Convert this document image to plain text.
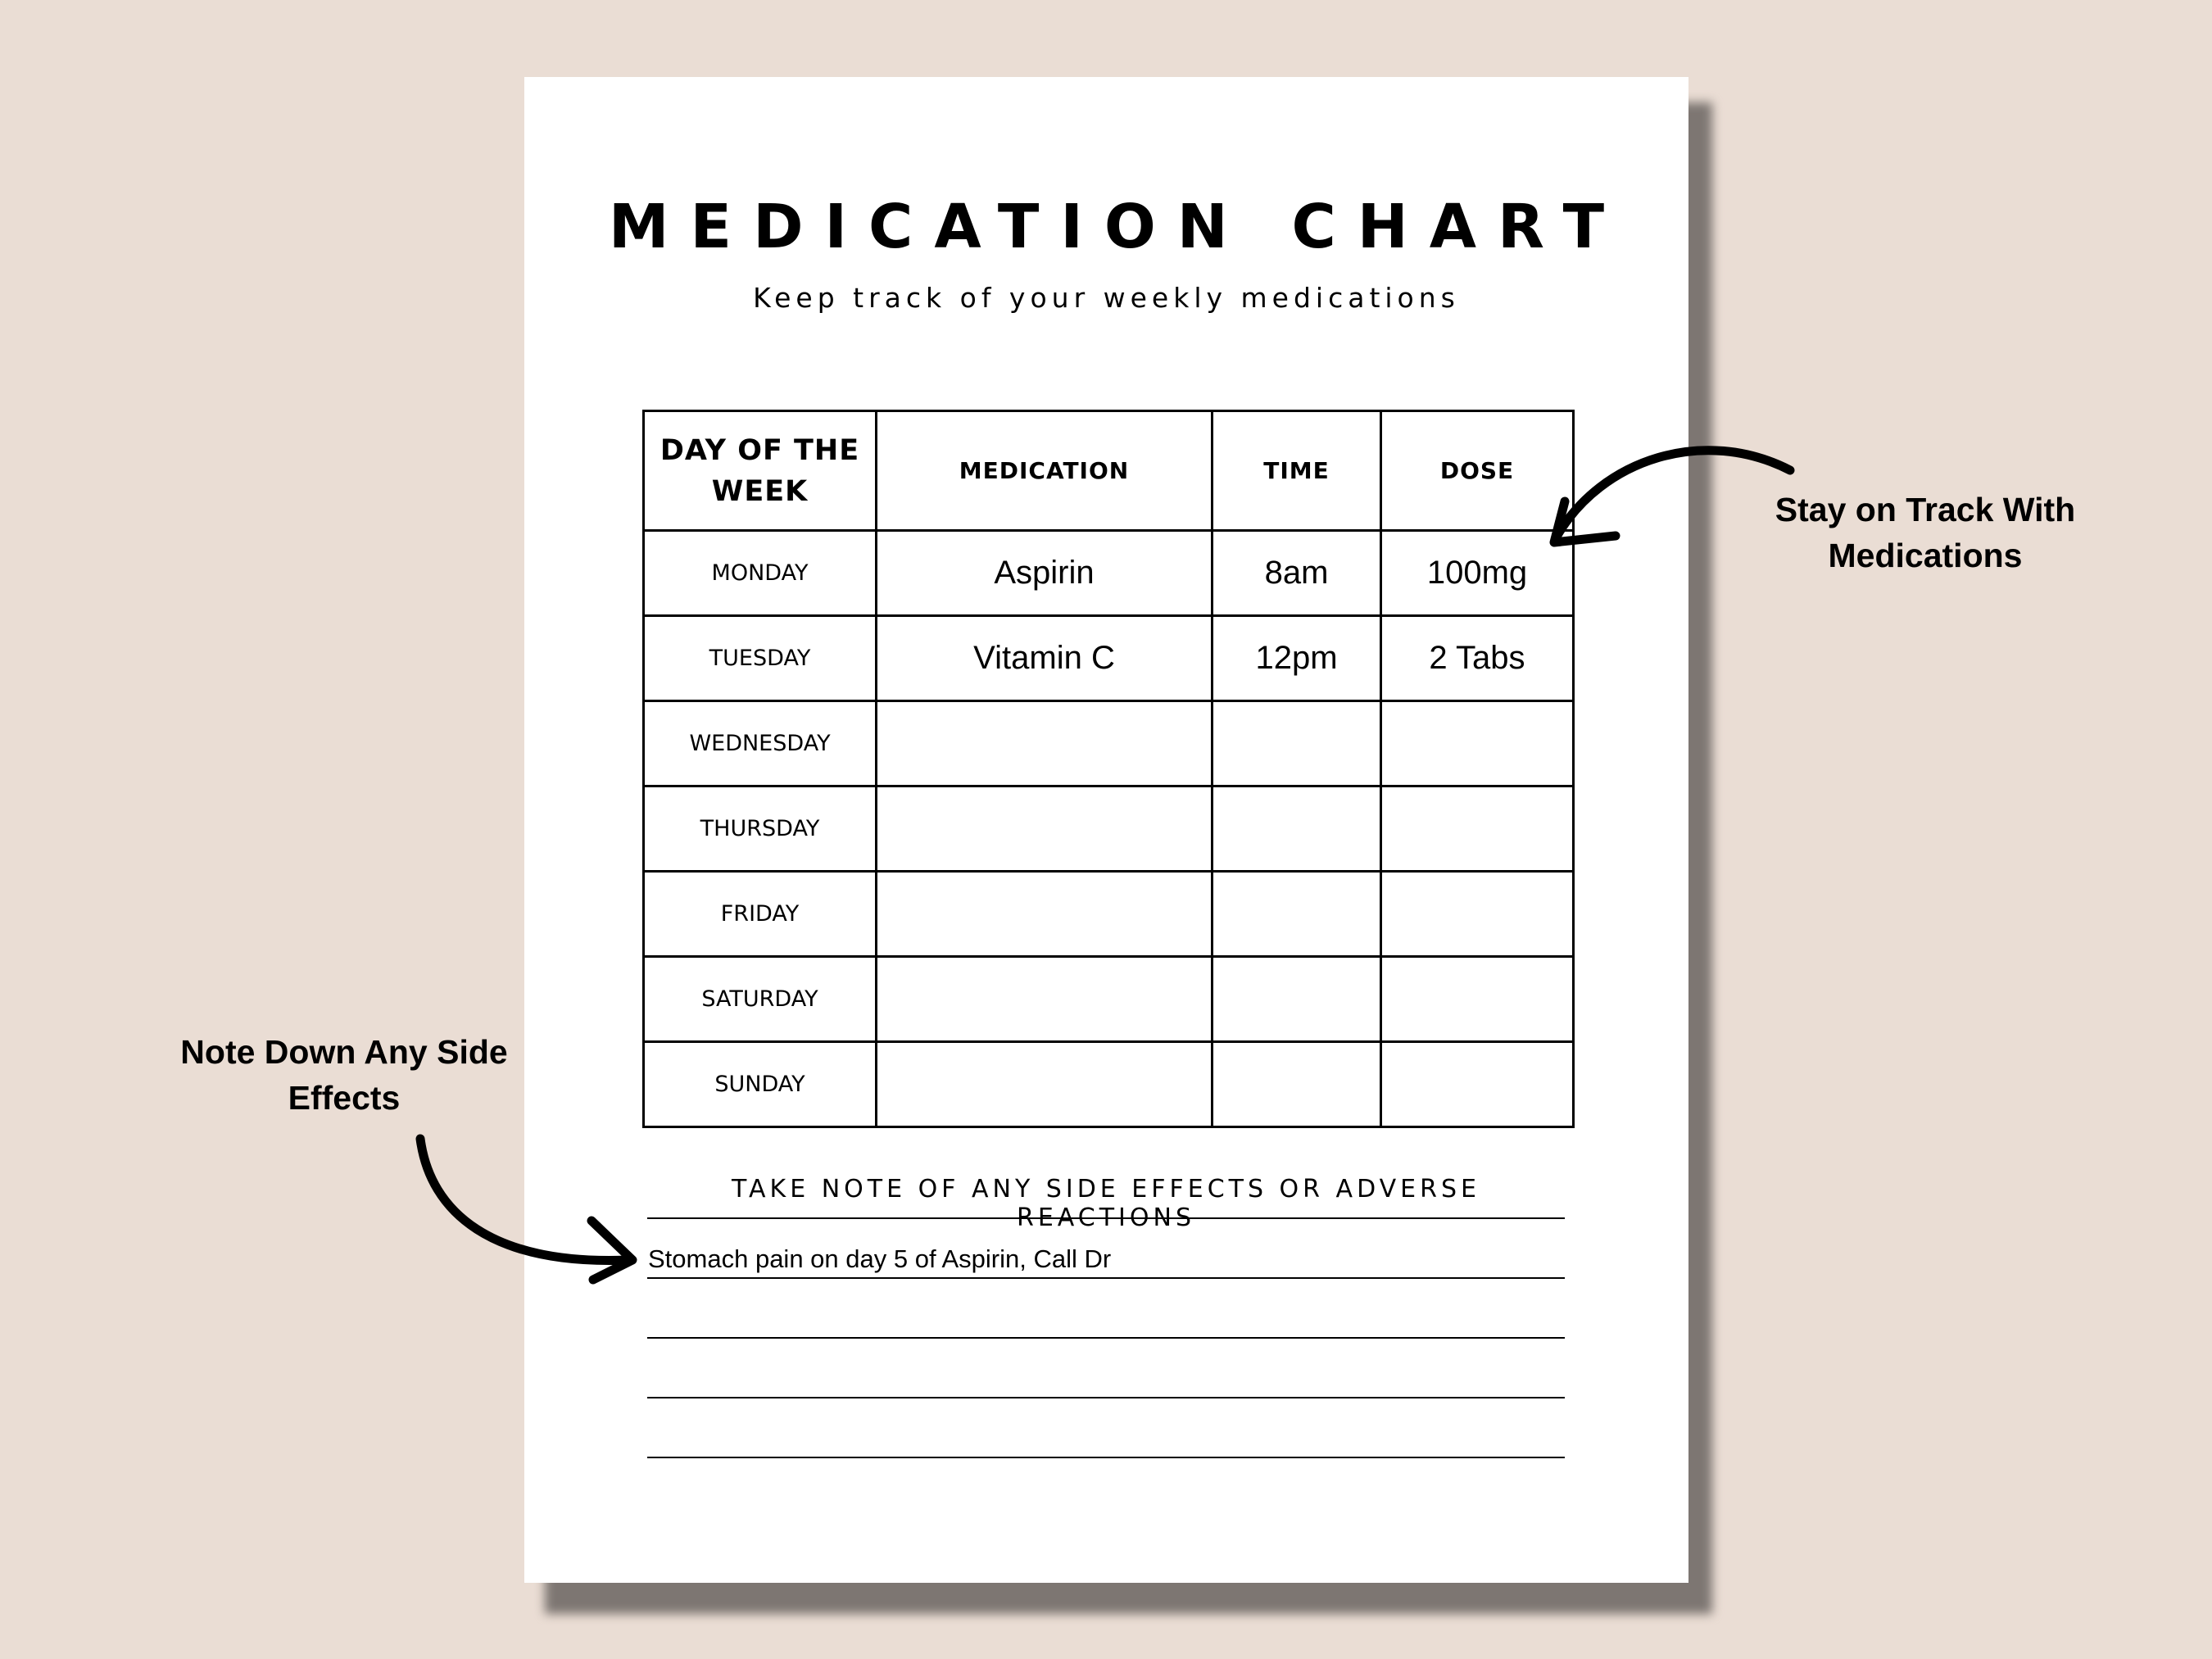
MEDICATION CHART
Keep track of your weekly medications
DAY OF THE WEEK	MEDICATION	TIME	DOSE
MONDAY	Aspirin	8am	100mg
TUESDAY	Vitamin C	12pm	2 Tabs
WEDNESDAY			
THURSDAY			
FRIDAY			
SATURDAY			
SUNDAY			
TAKE NOTE OF ANY SIDE EFFECTS OR ADVERSE REACTIONS
Stomach pain on day 5 of Aspirin, Call Dr
Stay on Track With Medications
Note Down Any Side Effects
